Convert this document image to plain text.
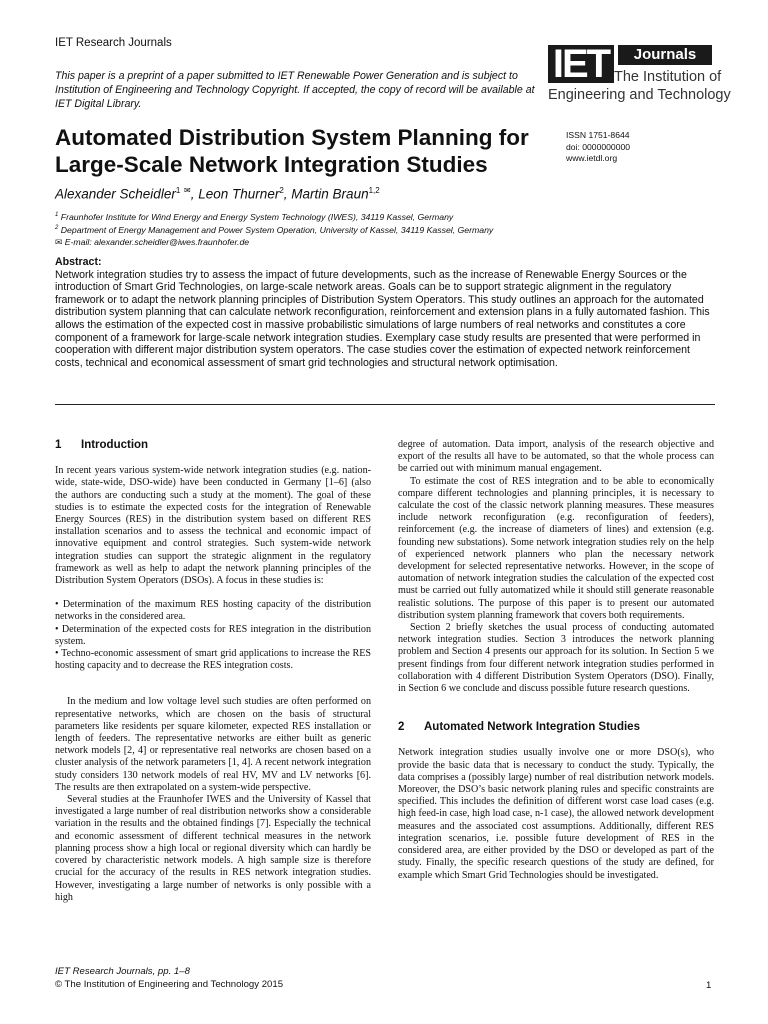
IET Research Journals
This paper is a preprint of a paper submitted to IET Renewable Power Generation and is subject to Institution of Engineering and Technology Copyright. If accepted, the copy of record will be available at IET Digital Library.
IET	Journals
The Institution of
Engineering and Technology
Automated Distribution System Planning for Large-Scale Network Integration Studies
ISSN 1751-8644
doi: 0000000000
www.ietdl.org
Alexander Scheidler$^1$ ✉, Leon Thurner$^2$, Martin Braun$^{1,2}$
$^1$ Fraunhofer Institute for Wind Energy and Energy System Technology (IWES), 34119 Kassel, Germany
$^2$ Department of Energy Management and Power System Operation, University of Kassel, 34119 Kassel, Germany
✉ E-mail: alexander.scheidler@iwes.fraunhofer.de
Abstract:
Network integration studies try to assess the impact of future developments, such as the increase of Renewable Energy Sources or the introduction of Smart Grid Technologies, on large-scale network areas. Goals can be to support strategic alignment in the regulatory framework or to adapt the network planning principles of Distribution System Operators. This study outlines an approach for the automated distribution system planning that can calculate network reconfiguration, reinforcement and extension plans in a fully automated fashion. This allows the estimation of the expected cost in massive probabilistic simulations of large numbers of real networks and constitutes a core component of a framework for large-scale network integration studies. Exemplary case study results are presented that were performed in cooperation with different major distribution system operators. The case studies cover the estimation of expected network reinforcement costs, technical and economical assessment of smart grid technologies and structural network optimisation.
1 Introduction

In recent years various system-wide network integration studies (e.g. nation-wide, state-wide, DSO-wide) have been conducted in Germany [1–6] (also the authors are conducting such a study at the moment). The goal of these studies is to estimate the expected costs for the integration of Renewable Energy Sources (RES) in the distribution system based on different RES installation scenarios and to assess the technical and economic impact of innovative equipment and control strategies. Such system-wide network integration studies can support the strategic alignment in the regulatory framework as well as help to adapt the network planning principles of the Distribution System Operators (DSOs). A focus in these studies is:

• Determination of the maximum RES hosting capacity of the distribution networks in the considered area.

• Determination of the expected costs for RES integration in the distribution system.

• Techno-economic assessment of smart grid applications to increase the RES hosting capacity and to decrease the RES integration costs.

In the medium and low voltage level such studies are often performed on representative networks, which are chosen on the basis of structural parameters like residents per square kilometer, expected RES installation or length of feeders. The representative networks are either built as generic network models [2, 4] or representative real networks are chosen based on a cluster analysis of the network parameters [1, 4]. A recent network integration study considers 130 network models of real HV, MV and LV networks [6]. The results are then extrapolated on a system-wide perspective.

Several studies at the Fraunhofer IWES and the University of Kassel that investigated a large number of real distribution networks show a considerable variation in the results and the obtained findings [7]. Especially the technical and economic assessment of different technical measures in the network planning process show a high local or regional diversity which can hardly be covered by characteristic network models. A high sample size is therefore crucial for the accuracy of the results in RES network integration studies. However, investigating a large number of networks is only possible with a high

degree of automation. Data import, analysis of the research objective and export of the results all have to be automated, so that the whole process can be carried out with minimum manual engagement.

To estimate the cost of RES integration and to be able to economically compare different technologies and planning principles, it is necessary to calculate the cost of the classic network planning measures. These measures include network reconfiguration (e.g. reconfiguration of feeders), reinforcement (e.g. the increase of diameters of lines) and extension (e.g. founding new substations). Some network integration studies rely on the help of experienced network planners who plan the necessary network development for selected representative networks. However, in the scope of automation of network integration studies the calculation of the expected cost must be carried out fully automatized while it should still generate reasonable realistic solutions. The purpose of this paper is to present our automated distribution system planning framework that covers both requirements.

Section 2 briefly sketches the usual process of conducting automated network integration studies. Section 3 introduces the network planning problem and Section 4 presents our approach for its solution. In Section 5 we present findings from four different network integration studies performed in collaboration with 4 different Distribution System Operators (DSO). Finally, in Section 6 we conclude and discuss possible future research questions.

2 Automated Network Integration Studies

Network integration studies usually involve one or more DSO(s), who provide the basic data that is necessary to conduct the study. Typically, the data comprises a (possibly large) number of real distribution network models. Moreover, the DSO’s basic network planing rules and specific constraints are specified. This includes the definition of different worst case load cases (e.g. high feed-in case, high load case, n-1 case), the allowed network development measures and the associated cost assumptions. Additionally, different RES integration scenarios, i.e. possible future development of RES in the considered area, are either provided by the DSO or developed as part of the study. Finally, the specific research questions of the study are defined, for example which Smart Grid Technologies should be investigated.

IET Research Journals, pp. 1–8
© The Institution of Engineering and Technology 2015	1
